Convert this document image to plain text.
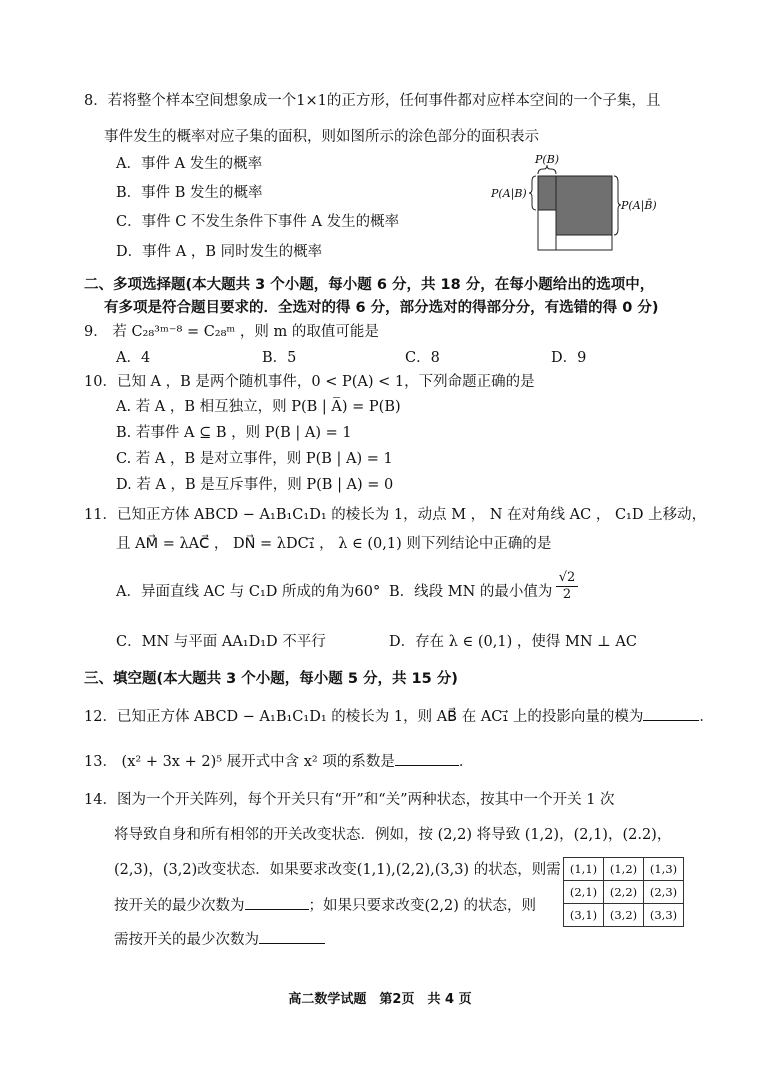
8．若将整个样本空间想象成一个1×1的正方形，任何事件都对应样本空间的一个子集，且
事件发生的概率对应子集的面积，则如图所示的涂色部分的面积表示
A．事件 A 发生的概率
B．事件 B 发生的概率
C．事件 C 不发生条件下事件 A 发生的概率
D．事件 A ，B 同时发生的概率
P(B)
P(A|B)
P(A|B̄)
二、多项选择题(本大题共 3 个小题，每小题 6 分，共 18 分，在每小题给出的选项中，
有多项是符合题目要求的．全选对的得 6 分，部分选对的得部分分，有选错的得 0 分)
9． 若 C₂₈³ᵐ⁻⁸ = C₂₈ᵐ ，则 m 的取值可能是
A．4	B．5	C．8	D．9
10．已知 A ，B 是两个随机事件，0 < P(A) < 1，下列命题正确的是
A. 若 A ，B 相互独立，则 P(B | A̅) = P(B)
B. 若事件 A ⊆ B ，则 P(B | A) = 1
C. 若 A ，B 是对立事件，则 P(B | A) = 1
D. 若 A ，B 是互斥事件，则 P(B | A) = 0
11．已知正方体 ABCD − A₁B₁C₁D₁ 的棱长为 1，动点 M ， N 在对角线 AC ， C₁D 上移动，
且 AM⃗ = λAC⃗ ， DN⃗ = λDC₁⃗ ， λ ∈ (0,1) 则下列结论中正确的是
A．异面直线 AC 与 C₁D 所成的角为60° B．线段 MN 的最小值为 $\frac{√2}{2}$
C．MN 与平面 AA₁D₁D 不平行	D．存在 λ ∈ (0,1) ，使得 MN ⊥ AC
三、填空题(本大题共 3 个小题，每小题 5 分，共 15 分)
12．已知正方体 ABCD − A₁B₁C₁D₁ 的棱长为 1，则 AB⃗ 在 AC₁⃗ 上的投影向量的模为	．
13． (x² + 3x + 2)⁵ 展开式中含 x² 项的系数是	．
14．图为一个开关阵列，每个开关只有“开”和“关”两种状态，按其中一个开关 1 次
将导致自身和所有相邻的开关改变状态．例如，按 (2,2) 将导致 (1,2)，(2,1)，(2.2)，
(2,3)，(3,2)改变状态．如果要求改变(1,1),(2,2),(3,3) 的状态，则需
按开关的最少次数为	；如果只要求改变(2,2) 的状态，则
需按开关的最少次数为
(1,1)	(1,2)	(1,3)
(2,1)	(2,2)	(2,3)
(3,1)	(3,2)	(3,3)
高二数学试题　第2页　共 4 页
